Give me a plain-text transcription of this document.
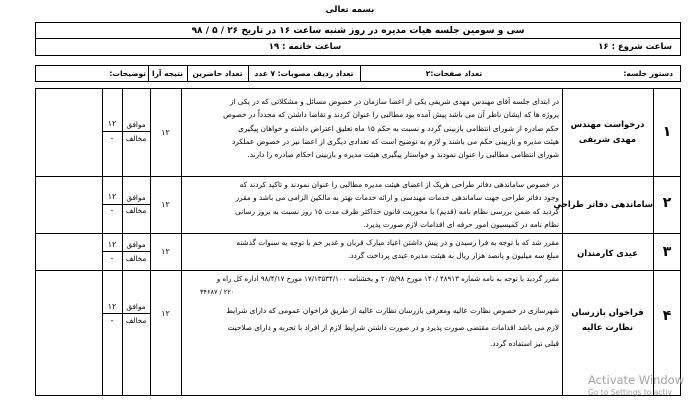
بسمه تعالی
سی و سومین جلسه هیات مدیره در روز شنبه ساعت ۱۶ در تاریخ ۲۶ / ۵ / ۹۸
ساعت شروع : ۱۶
ساعت خاتمه : ۱۹
دستور جلسه:
تعداد صفحات:۲
تعداد ردیف مصوبات: ۷ عدد
تعداد حاضرین
نتیجه آرا
توضیحات:
۱
درخواست مهندس
مهدی شریفی

در ابتدای جلسه آقای مهندس مهدی شریفی یکی از اعضا سازمان در خصوص مسائل و مشکلاتی که در یکی از

پروژه ها که ایشان ناظر آن می باشد پیش آمده بود مطالبی را عنوان کردند و تقاضا داشتن که مجدداً در خصوص

حکم صادره از شورای انتظامی بازبینی گردد و نسبت به حکم ۱۵ ماه تعلیق اعتراض داشته و خواهان پیگیری

هیئت مدیره و بازبینی حکم می باشند و لازم به توضیح است که تعدادی دیگری از اعضا نیز در خصوص عملکرد

شورای انتظامی مطالبی را عنوان نمودند و خواستار پیگیری هیئت مدیره و بازبینی احکام صادره را دارند.

۱۲
موافق
مخالف
۱۲
-
۲
ساماندهی دفاتر طراحی

در خصوص ساماندهی دفاتر طراحی هریک از اعضای هیئت مدیره مطالبی را عنوان نمودند و تاکید کردند که

وجود دفاتر طراحی جهت ساماندهی خدمات مهندسی و ارائه خدمات بهتر به مالکین الزامی می باشد و مقرر

گردید که ضمن بررسی نظام نامه (قدیم) با محوریت قانون حداکثر ظرف مدت ۱۵ روز نسبت به بروز رسانی

نظام نامه در کمیسیون امور حرفه ای اقدامات لازم صورت پذیرد.

۱۲
موافق
مخالف
۱۲
-
۳
عیدی کارمندان

مقرر شد که با توجه به فرا رسیدن و در پیش داشتن اعیاد مبارک قربان و غدیر خم با توجه به سنوات گذشته

مبلغ سه میلیون و پانصد هزار ریال به هیئت مدیره عیدی پرداخت گردد.

۱۲
موافق
مخالف
۱۲
-
۴
فراخوان بازرسان
نظارت عالیه

مقرر گردید با توجه به نامه شماره ۴۸۹۱۳ /۱۴۰ مورخ ۲۰/۵/۹۸ و بخشنامه ۱۷/۱۳۵۳۴/۱۰۰ مورخ ۹۸/۴/۱۷ اداره کل راه و

۲۲۰ / ۳۴۶۸۷

شهرسازی در خصوص نظارت عالیه ومعرفی بازرسان نظارت عالیه از طریق فراخوان عمومی که دارای شرایط

لازم می باشد اقدامات مقتضی صورت پذیرد و در صورت داشتن شرایط لازم از افراد با تجربه و دارای صلاحیت

قبلی نیز استفاده گردد.

۱۲
موافق
مخالف
۱۲
-
Activate Window
Go to Settings to activ
